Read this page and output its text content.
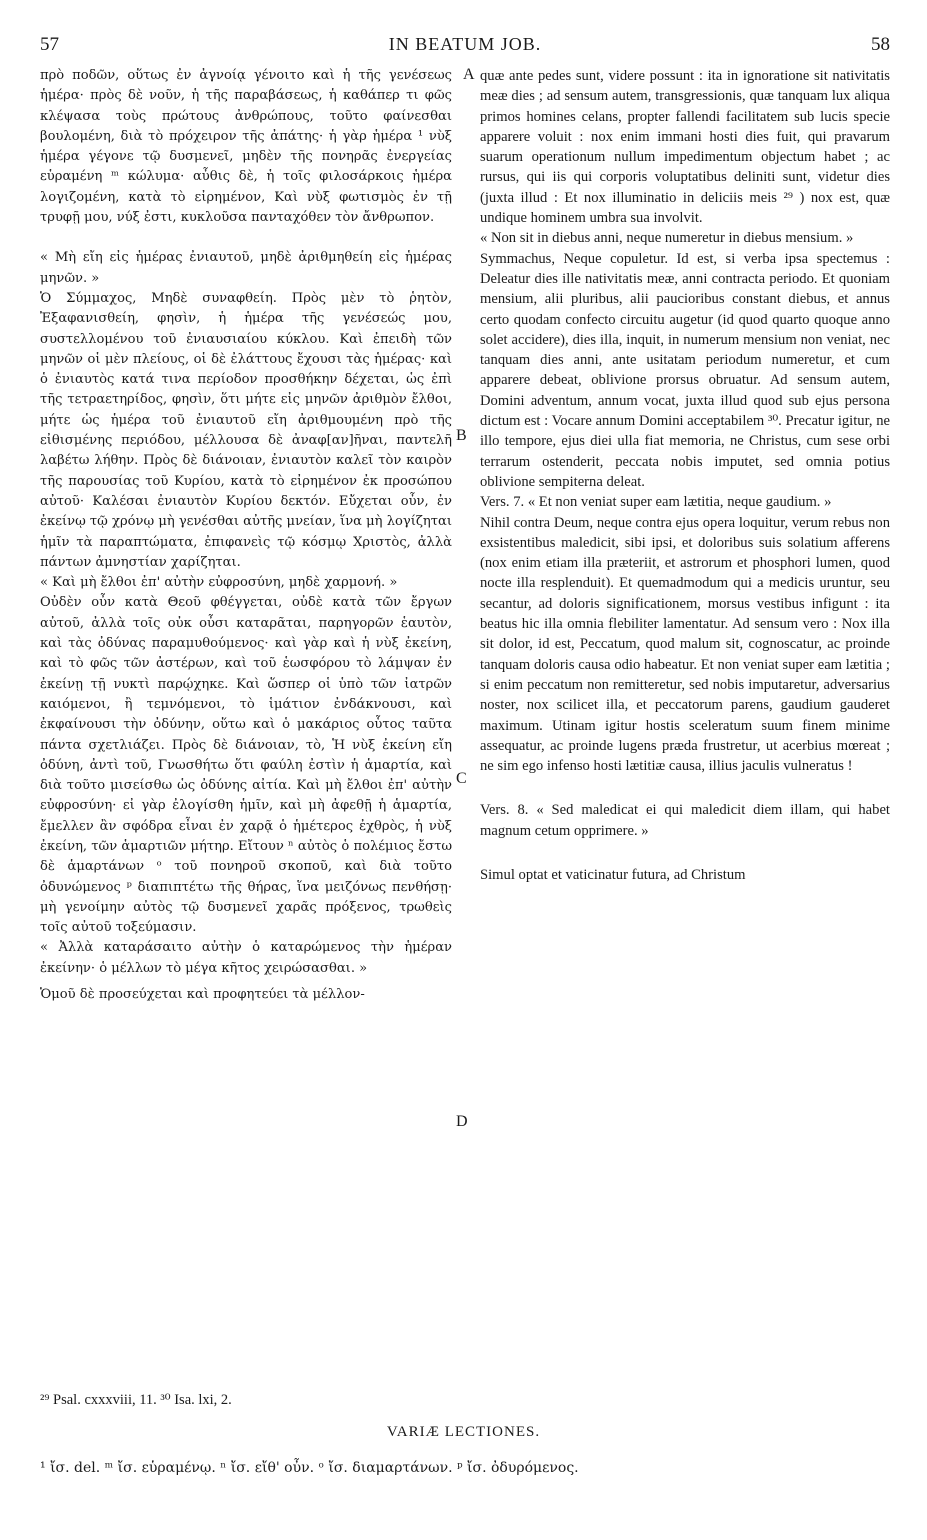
57	IN BEATUM JOB.	58

πρὸ ποδῶν, οὕτως ἐν ἀγνοίᾳ γένοιτο καὶ ἡ τῆς γενέσεως ἡμέρα· πρὸς δὲ νοῦν, ἡ τῆς παραβάσεως, ἡ καθάπερ τι φῶς κλέψασα τοὺς πρώτους ἀνθρώπους, τοῦτο φαίνεσθαι βουλομένη, διὰ τὸ πρόχειρον τῆς ἀπάτης· ἡ γὰρ ἡμέρα ¹ νὺξ ἡμέρα γέγονε τῷ δυσμενεῖ, μηδὲν τῆς πονηρᾶς ἐνεργείας εὑραμένη ᵐ κώλυμα· αὖθις δὲ, ἡ τοῖς φιλοσάρκοις ἡμέρα λογιζομένη, κατὰ τὸ εἰρημένον, Καὶ νὺξ φωτισμὸς ἐν τῇ τρυφῇ μου, νύξ ἐστι, κυκλοῦσα πανταχόθεν τὸν ἄνθρωπον.

« Μὴ εἴη εἰς ἡμέρας ἐνιαυτοῦ, μηδὲ ἀριθμηθείη εἰς ἡμέρας μηνῶν. »

Ὁ Σύμμαχος, Μηδὲ συναφθείη. Πρὸς μὲν τὸ ῥητὸν, Ἐξαφανισθείη, φησὶν, ἡ ἡμέρα τῆς γενέσεώς μου, συστελλομένου τοῦ ἐνιαυσιαίου κύκλου. Καὶ ἐπειδὴ τῶν μηνῶν οἱ μὲν πλείους, οἱ δὲ ἐλάττους ἔχουσι τὰς ἡμέρας· καὶ ὁ ἐνιαυτὸς κατά τινα περίοδον προσθήκην δέχεται, ὡς ἐπὶ τῆς τετραετηρίδος, φησὶν, ὅτι μήτε εἰς μηνῶν ἀριθμὸν ἔλθοι, μήτε ὡς ἡμέρα τοῦ ἐνιαυτοῦ εἴη ἀριθμουμένη πρὸ τῆς εἰθισμένης περιόδου, μέλλουσα δὲ ἀναφ[αν]ῆναι, παντελῆ λαβέτω λήθην. Πρὸς δὲ διάνοιαν, ἐνιαυτὸν καλεῖ τὸν καιρὸν τῆς παρουσίας τοῦ Κυρίου, κατὰ τὸ εἰρημένον ἐκ προσώπου αὐτοῦ· Καλέσαι ἐνιαυτὸν Κυρίου δεκτόν. Εὔχεται οὖν, ἐν ἐκείνῳ τῷ χρόνῳ μὴ γενέσθαι αὐτῆς μνείαν, ἵνα μὴ λογίζηται ἡμῖν τὰ παραπτώματα, ἐπιφανεὶς τῷ κόσμῳ Χριστὸς, ἀλλὰ πάντων ἀμνηστίαν χαρίζηται.

« Καὶ μὴ ἔλθοι ἐπ' αὐτὴν εὐφροσύνη, μηδὲ χαρμονή. »

Οὐδὲν οὖν κατὰ Θεοῦ φθέγγεται, οὐδὲ κατὰ τῶν ἔργων αὐτοῦ, ἀλλὰ τοῖς οὐκ οὖσι καταρᾶται, παρηγορῶν ἑαυτὸν, καὶ τὰς ὀδύνας παραμυθούμενος· καὶ γὰρ καὶ ἡ νὺξ ἐκείνη, καὶ τὸ φῶς τῶν ἀστέρων, καὶ τοῦ ἑωσφόρου τὸ λάμψαν ἐν ἐκείνῃ τῇ νυκτὶ παρῴχηκε. Καὶ ὥσπερ οἱ ὑπὸ τῶν ἰατρῶν καιόμενοι, ἢ τεμνόμενοι, τὸ ἱμάτιον ἐνδάκνουσι, καὶ ἐκφαίνουσι τὴν ὀδύνην, οὕτω καὶ ὁ μακάριος οὗτος ταῦτα πάντα σχετλιάζει. Πρὸς δὲ διάνοιαν, τὸ, Ἡ νὺξ ἐκείνη εἴη ὀδύνη, ἀντὶ τοῦ, Γνωσθήτω ὅτι φαύλη ἐστὶν ἡ ἁμαρτία, καὶ διὰ τοῦτο μισείσθω ὡς ὀδύνης αἰτία. Καὶ μὴ ἔλθοι ἐπ' αὐτὴν εὐφροσύνη· εἰ γὰρ ἐλογίσθη ἡμῖν, καὶ μὴ ἀφεθῇ ἡ ἁμαρτία, ἔμελλεν ἂν σφόδρα εἶναι ἐν χαρᾷ ὁ ἡμέτερος ἐχθρὸς, ἡ νὺξ ἐκείνη, τῶν ἁμαρτιῶν μήτηρ. Εἴτουν ⁿ αὐτὸς ὁ πολέμιος ἔστω δὲ ἁμαρτάνων ᵒ τοῦ πονηροῦ σκοποῦ, καὶ διὰ τοῦτο ὀδυνώμενος ᵖ διαπιπτέτω τῆς θήρας, ἵνα μειζόνως πενθήσῃ· μὴ γενοίμην αὐτὸς τῷ δυσμενεῖ χαρᾶς πρόξενος, τρωθεὶς τοῖς αὐτοῦ τοξεύμασιν.

« Ἀλλὰ καταράσαιτο αὐτὴν ὁ καταρώμενος τὴν ἡμέραν ἐκείνην· ὁ μέλλων τὸ μέγα κῆτος χειρώσασθαι. »

Ὁμοῦ δὲ προσεύχεται καὶ προφητεύει τὰ μέλλον-

quæ ante pedes sunt, videre possunt : ita in ignoratione sit nativitatis meæ dies ; ad sensum autem, transgressionis, quæ tanquam lux aliqua primos homines celans, propter fallendi facilitatem sub lucis specie apparere voluit : nox enim immani hosti dies fuit, qui pravarum suarum operationum nullum impedimentum objectum habet ; ac rursus, qui iis qui corporis voluptatibus deliniti sunt, videtur dies (juxta illud : Et nox illuminatio in deliciis meis ²⁹ ) nox est, quæ undique hominem umbra sua involvit.

« Non sit in diebus anni, neque numeretur in diebus mensium. »

Symmachus, Neque copuletur. Id est, si verba ipsa spectemus : Deleatur dies ille nativitatis meæ, anni contracta periodo. Et quoniam mensium, alii pluribus, alii paucioribus constant diebus, et annus certo quodam confecto circuitu augetur (id quod quarto quoque anno solet accidere), dies illa, inquit, in numerum mensium non veniat, nec tanquam dies anni, ante usitatam periodum numeretur, et cum apparere debeat, oblivione prorsus obruatur. Ad sensum autem, Domini adventum, annum vocat, juxta illud quod sub ejus persona dictum est : Vocare annum Domini acceptabilem ³⁰. Precatur igitur, ne illo tempore, ejus diei ulla fiat memoria, ne Christus, cum sese orbi terrarum ostenderit, peccata nobis imputet, sed omnia potius oblivione sempiterna deleat.

Vers. 7. « Et non veniat super eam lætitia, neque gaudium. »

Nihil contra Deum, neque contra ejus opera loquitur, verum rebus non exsistentibus maledicit, sibi ipsi, et doloribus suis solatium afferens (nox enim etiam illa præteriit, et astrorum et phosphori lumen, quod nocte illa resplenduit). Et quemadmodum qui a medicis uruntur, seu secantur, ad doloris significationem, morsus vestibus infigunt : ita beatus hic illa omnia flebiliter lamentatur. Ad sensum vero : Nox illa sit dolor, id est, Peccatum, quod malum sit, cognoscatur, ac proinde tanquam doloris causa odio habeatur. Et non veniat super eam lætitia ; si enim peccatum non remitteretur, sed nobis imputaretur, adversarius noster, nox scilicet illa, et peccatorum parens, gaudium gauderet maximum. Utinam igitur hostis sceleratum suum finem minime assequatur, ac proinde lugens præda frustretur, ut acerbius mœreat ; ne sim ego infenso hosti lætitiæ causa, illius jaculis vulneratus !

Vers. 8. « Sed maledicat ei qui maledicit diem illam, qui habet magnum cetum opprimere. »

Simul optat et vaticinatur futura, ad Christum

A
B
C
D
²⁹ Psal. cxxxviii, 11. ³⁰ Isa. lxi, 2.
VARIÆ LECTIONES.
¹ ἴσ. del. ᵐ ἴσ. εὑραμένῳ. ⁿ ἴσ. εἴθ' οὖν. ᵒ ἴσ. διαμαρτάνων. ᵖ ἴσ. ὀδυρόμενος.
